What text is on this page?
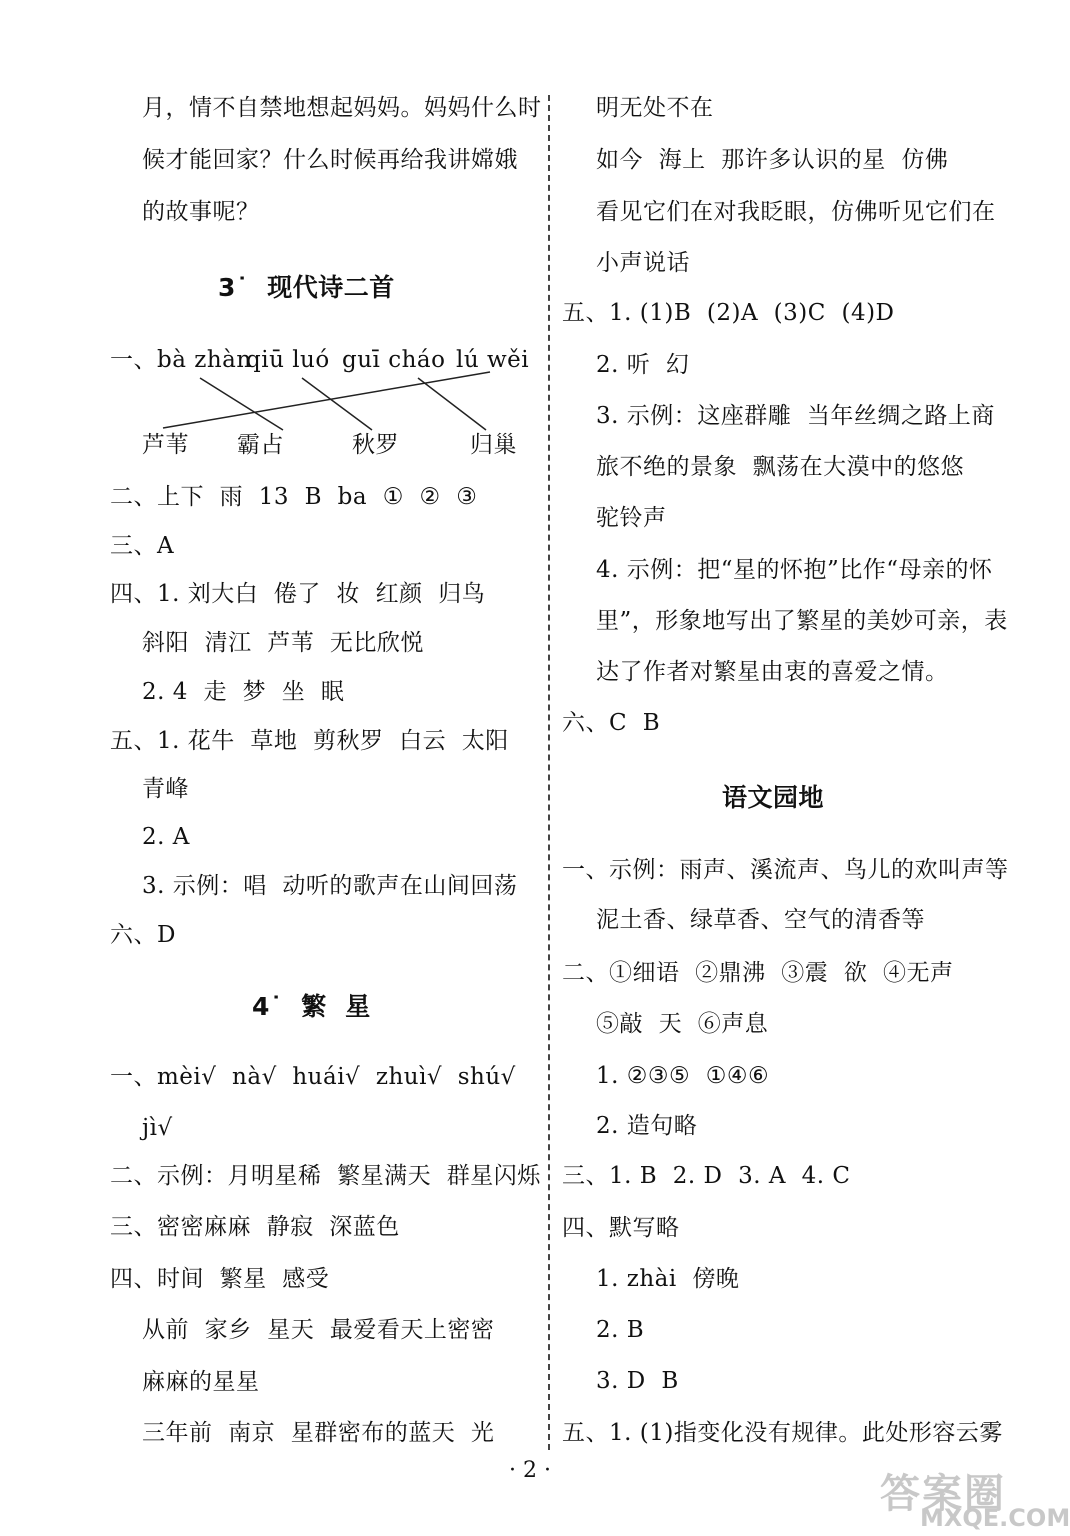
月，情不自禁地想起妈妈。妈妈什么时
候才能回家？什么时候再给我讲嫦娥
的故事呢？
3˙  现代诗二首
一、bà zhàn
qiū luó guī cháo lú wěi
芦苇 霸占	秋罗	归巢
二、上下  雨  13  B  ba  ①  ②  ③
三、A
四、1. 刘大白  倦了  妆  红颜  归鸟
斜阳  清江  芦苇  无比欣悦
2. 4  走  梦  坐  眠
五、1. 花牛  草地  剪秋罗  白云  太阳
青峰
2. A
3. 示例：唱  动听的歌声在山间回荡
六、D
4˙  繁  星
一、mèi√  nà√  huái√  zhuì√  shú√
jì√
二、示例：月明星稀  繁星满天  群星闪烁
三、密密麻麻  静寂  深蓝色
四、时间  繁星  感受
从前  家乡  星天  最爱看天上密密
麻麻的星星
三年前  南京  星群密布的蓝天  光
明无处不在
如今  海上  那许多认识的星  仿佛
看见它们在对我眨眼，仿佛听见它们在
小声说话
五、1. (1)B  (2)A  (3)C  (4)D
2. 听  幻
3. 示例：这座群雕  当年丝绸之路上商
旅不绝的景象  飘荡在大漠中的悠悠
驼铃声
4. 示例：把“星的怀抱”比作“母亲的怀
里”，形象地写出了繁星的美妙可亲，表
达了作者对繁星由衷的喜爱之情。
六、C  B
语文园地
一、示例：雨声、溪流声、鸟儿的欢叫声等
泥土香、绿草香、空气的清香等
二、①细语  ②鼎沸  ③震  欲  ④无声
⑤敲  天  ⑥声息
1. ②③⑤  ①④⑥
2. 造句略
三、1. B  2. D  3. A  4. C
四、默写略
1. zhài  傍晚
2. B
3. D  B
五、1. (1)指变化没有规律。此处形容云雾
· 2 ·
答案圈
MXQE.COM
